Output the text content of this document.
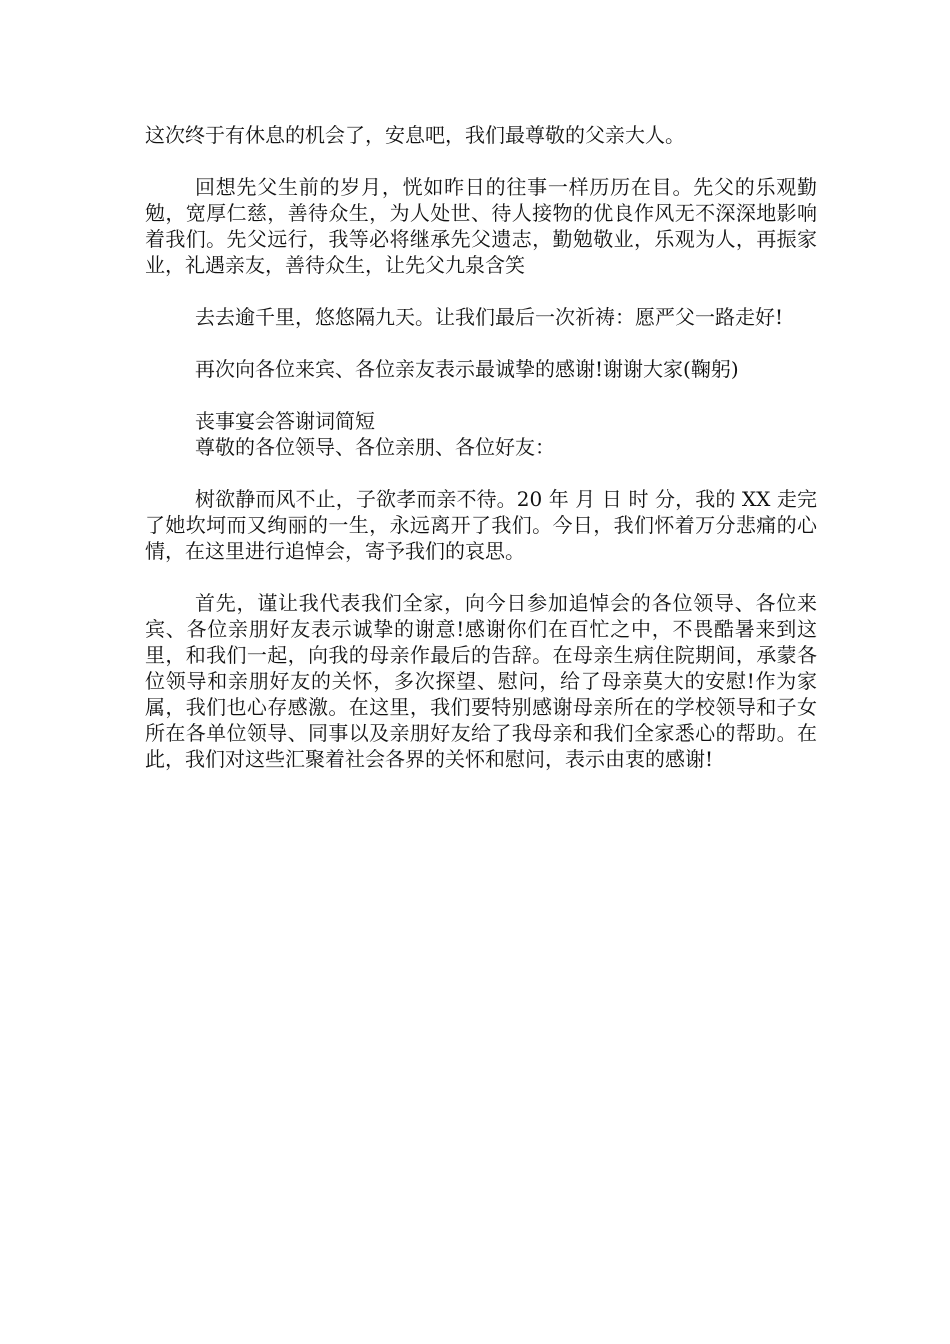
这次终于有休息的机会了，安息吧，我们最尊敬的父亲大人。

回想先父生前的岁月，恍如昨日的往事一样历历在目。先父的乐观勤勉，宽厚仁慈，善待众生，为人处世、待人接物的优良作风无不深深地影响着我们。先父远行，我等必将继承先父遗志，勤勉敬业，乐观为人，再振家业，礼遇亲友，善待众生，让先父九泉含笑

去去逾千里，悠悠隔九天。让我们最后一次祈祷：愿严父一路走好!

再次向各位来宾、各位亲友表示最诚挚的感谢!谢谢大家(鞠躬)

丧事宴会答谢词简短

尊敬的各位领导、各位亲朋、各位好友：

树欲静而风不止，子欲孝而亲不待。20 年 月 日 时 分，我的 XX 走完了她坎坷而又绚丽的一生，永远离开了我们。今日，我们怀着万分悲痛的心情，在这里进行追悼会，寄予我们的哀思。

首先，谨让我代表我们全家，向今日参加追悼会的各位领导、各位来宾、各位亲朋好友表示诚挚的谢意!感谢你们在百忙之中，不畏酷暑来到这里，和我们一起，向我的母亲作最后的告辞。在母亲生病住院期间，承蒙各位领导和亲朋好友的关怀，多次探望、慰问，给了母亲莫大的安慰!作为家属，我们也心存感激。在这里，我们要特别感谢母亲所在的学校领导和子女所在各单位领导、同事以及亲朋好友给了我母亲和我们全家悉心的帮助。在此，我们对这些汇聚着社会各界的关怀和慰问，表示由衷的感谢!
